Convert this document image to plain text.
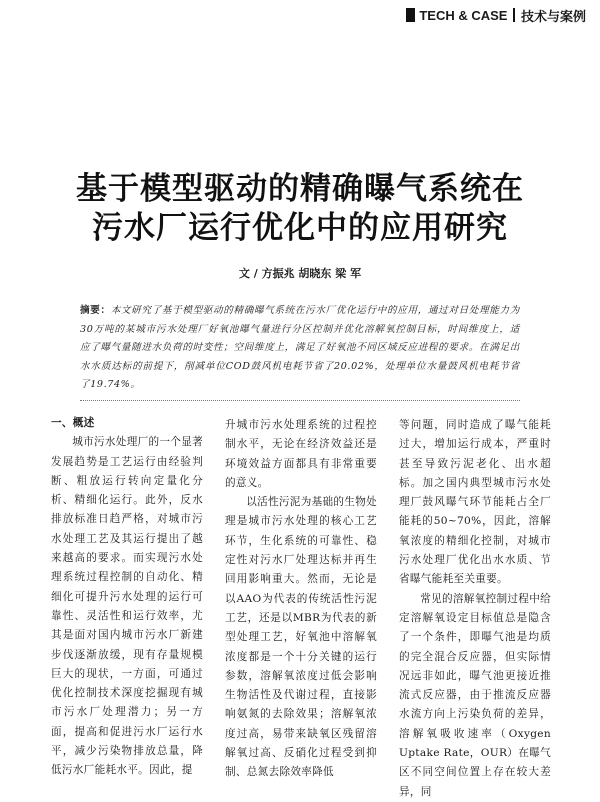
TECH & CASE 技术与案例
基于模型驱动的精确曝气系统在
污水厂运行优化中的应用研究
文 / 方振兆 胡晓东 梁 军
摘要：本文研究了基于模型驱动的精确曝气系统在污水厂优化运行中的应用，通过对日处理能力为30万吨的某城市污水处理厂好氧池曝气量进行分区控制并优化溶解氧控制目标，时间维度上，适应了曝气量随进水负荷的时变性；空间维度上，满足了好氧池不同区域反应进程的要求。在满足出水水质达标的前提下，削减单位COD鼓风机电耗节省了20.02%，处理单位水量鼓风机电耗节省了19.74%。

一、概述

城市污水处理厂的一个显著发展趋势是工艺运行由经验判断、粗放运行转向定量化分析、精细化运行。此外，反水排放标准日趋严格，对城市污水处理工艺及其运行提出了越来越高的要求。而实现污水处理系统过程控制的自动化、精细化可提升污水处理的运行可靠性、灵活性和运行效率，尤其是面对国内城市污水厂新建步伐逐渐放缓，现有存量规模巨大的现状，一方面，可通过优化控制技术深度挖掘现有城市污水厂处理潜力；另一方面，提高和促进污水厂运行水平，减少污染物排放总量，降低污水厂能耗水平。因此，提

升城市污水处理系统的过程控制水平，无论在经济效益还是环境效益方面都具有非常重要的意义。

以活性污泥为基础的生物处理是城市污水处理的核心工艺环节，生化系统的可靠性、稳定性对污水厂处理达标并再生回用影响重大。然而，无论是以AAO为代表的传统活性污泥工艺，还是以MBR为代表的新型处理工艺，好氧池中溶解氧浓度都是一个十分关键的运行参数，溶解氧浓度过低会影响生物活性及代谢过程，直接影响氨氮的去除效果；溶解氧浓度过高，易带来缺氧区残留溶解氧过高、反硝化过程受到抑制、总氮去除效率降低

等问题，同时造成了曝气能耗过大，增加运行成本，严重时甚至导致污泥老化、出水超标。加之国内典型城市污水处理厂鼓风曝气环节能耗占全厂能耗的50~70%，因此，溶解氧浓度的精细化控制，对城市污水处理厂优化出水水质、节省曝气能耗至关重要。

常见的溶解氧控制过程中给定溶解氧设定目标值总是隐含了一个条件，即曝气池是均质的完全混合反应器，但实际情况远非如此，曝气池更接近推流式反应器，由于推流反应器水流方向上污染负荷的差异，溶解氧吸收速率（Oxygen Uptake Rate，OUR）在曝气区不同空间位置上存在较大差异，同
